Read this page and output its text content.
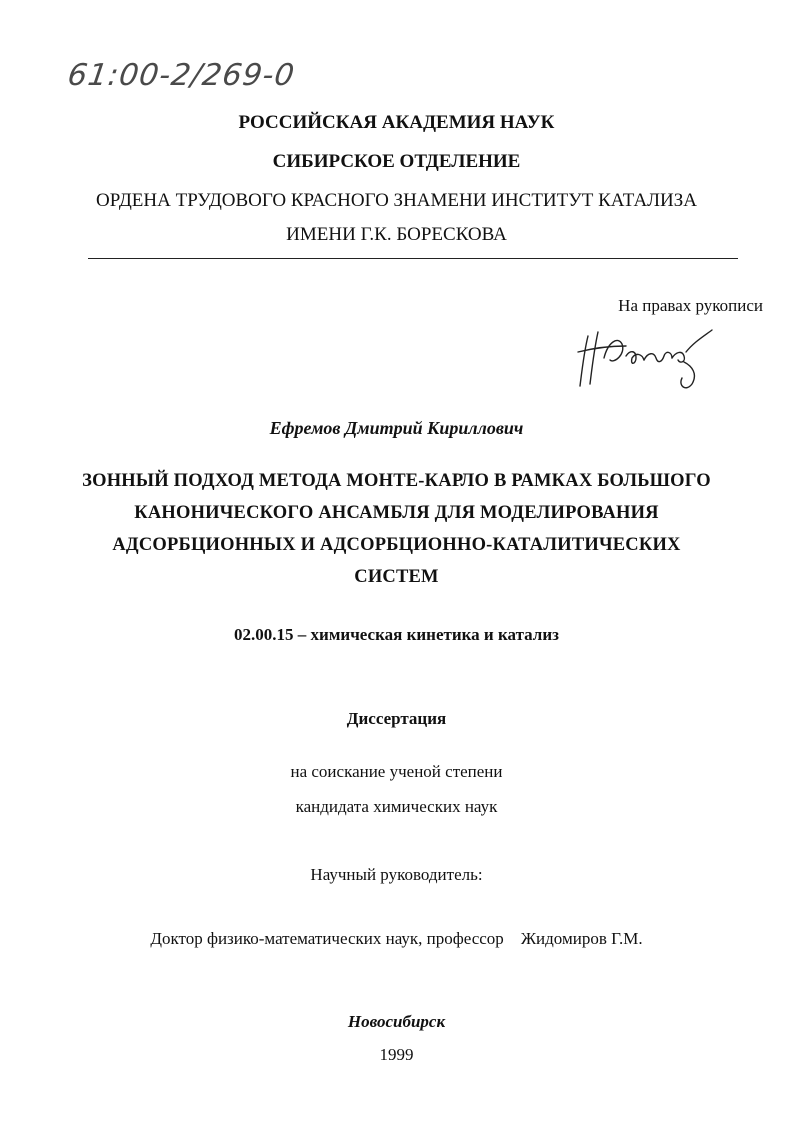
61:00-2/269-0
РОССИЙСКАЯ АКАДЕМИЯ НАУК
СИБИРСКОЕ ОТДЕЛЕНИЕ
ОРДЕНА ТРУДОВОГО КРАСНОГО ЗНАМЕНИ ИНСТИТУТ КАТАЛИЗА
ИМЕНИ Г.К. БОРЕСКОВА
На правах рукописи
Ефремов Дмитрий Кириллович
ЗОННЫЙ ПОДХОД МЕТОДА МОНТЕ-КАРЛО В РАМКАХ БОЛЬШОГО
КАНОНИЧЕСКОГО АНСАМБЛЯ ДЛЯ МОДЕЛИРОВАНИЯ
АДСОРБЦИОННЫХ И АДСОРБЦИОННО-КАТАЛИТИЧЕСКИХ
СИСТЕМ
02.00.15 – химическая кинетика и катализ
Диссертация
на соискание ученой степени
кандидата химических наук
Научный руководитель:
Доктор физико-математических наук, профессор Жидомиров Г.М.
Новосибирск
1999
